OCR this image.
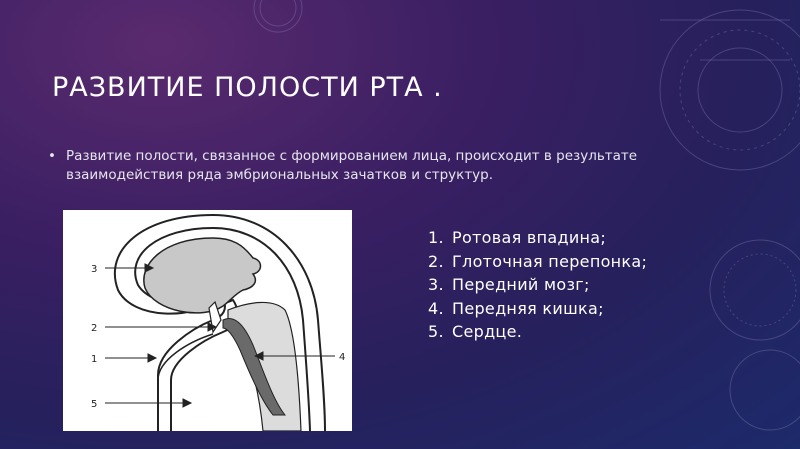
РАЗВИТИЕ ПОЛОСТИ РТА .
• Развитие полости, связанное с формированием лица, происходит в результате взаимодействия ряда эмбриональных зачатков и структур.
3
2
1
5
4
1. Ротовая впадина;
2. Глоточная перепонка;
3. Передний мозг;
4. Передняя кишка;
5. Сердце.
